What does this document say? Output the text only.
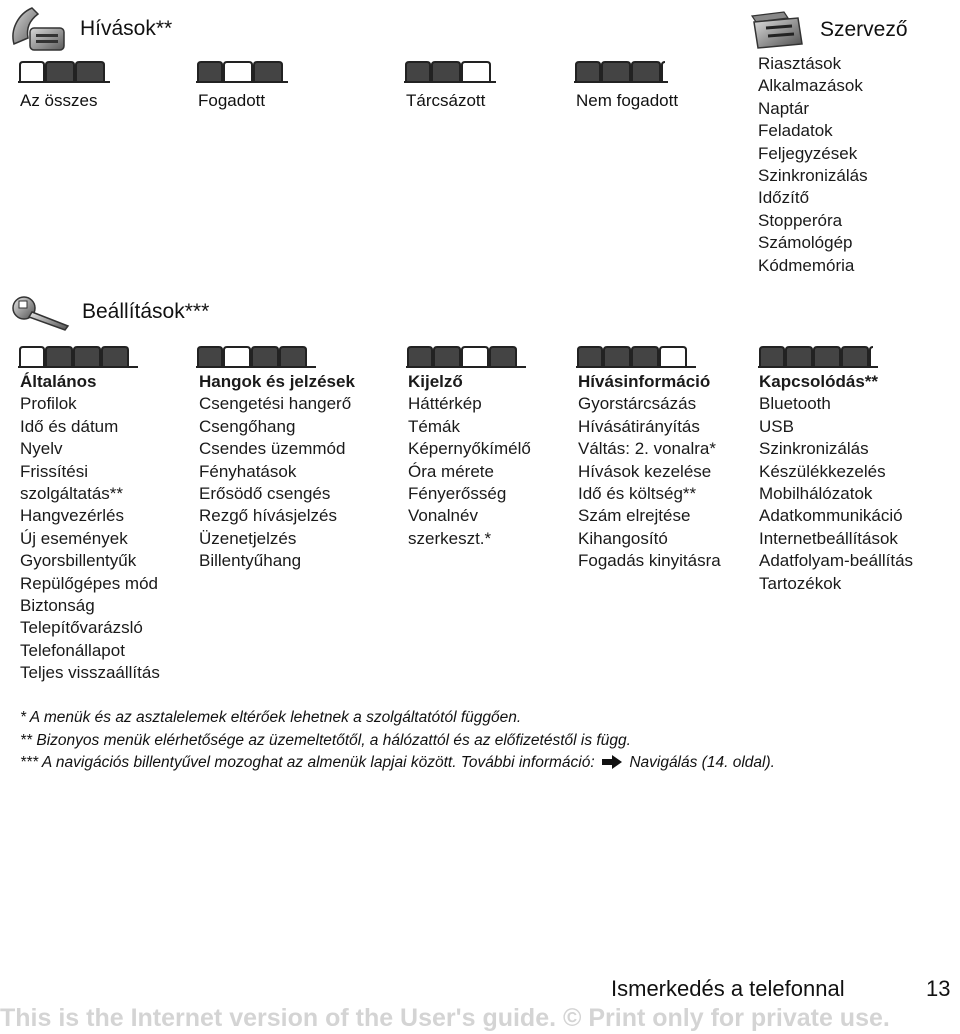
Hívások**
Az összes	Fogadott	Tárcsázott	Nem fogadott
Szervező
Riasztások
Alkalmazások
Naptár
Feladatok
Feljegyzések
Szinkronizálás
Időzítő
Stopperóra
Számológép
Kódmemória
Beállítások***
Általános
Profilok
Idő és dátum
Nyelv
Frissítési
szolgáltatás**
Hangvezérlés
Új események
Gyorsbillentyűk
Repülőgépes mód
Biztonság
Telepítővarázsló
Telefonállapot
Teljes visszaállítás
Hangok és jelzések
Csengetési hangerő
Csengőhang
Csendes üzemmód
Fényhatások
Erősödő csengés
Rezgő hívásjelzés
Üzenetjelzés
Billentyűhang
Kijelző
Háttérkép
Témák
Képernyőkímélő
Óra mérete
Fényerősség
Vonalnév
szerkeszt.*
Hívásinformáció
Gyorstárcsázás
Hívásátirányítás
Váltás: 2. vonalra*
Hívások kezelése
Idő és költség**
Szám elrejtése
Kihangosító
Fogadás kinyitásra
Kapcsolódás**
Bluetooth
USB
Szinkronizálás
Készülékkezelés
Mobilhálózatok
Adatkommunikáció
Internetbeállítások
Adatfolyam-beállítás
Tartozékok
* A menük és az asztalelemek eltérőek lehetnek a szolgáltatótól függően.
** Bizonyos menük elérhetősége az üzemeltetőtől, a hálózattól és az előfizetéstől is függ.
*** A navigációs billentyűvel mozoghat az almenük lapjai között. További információ: Navigálás (14. oldal).
Ismerkedés a telefonnal	13
This is the Internet version of the User's guide. © Print only for private use.
